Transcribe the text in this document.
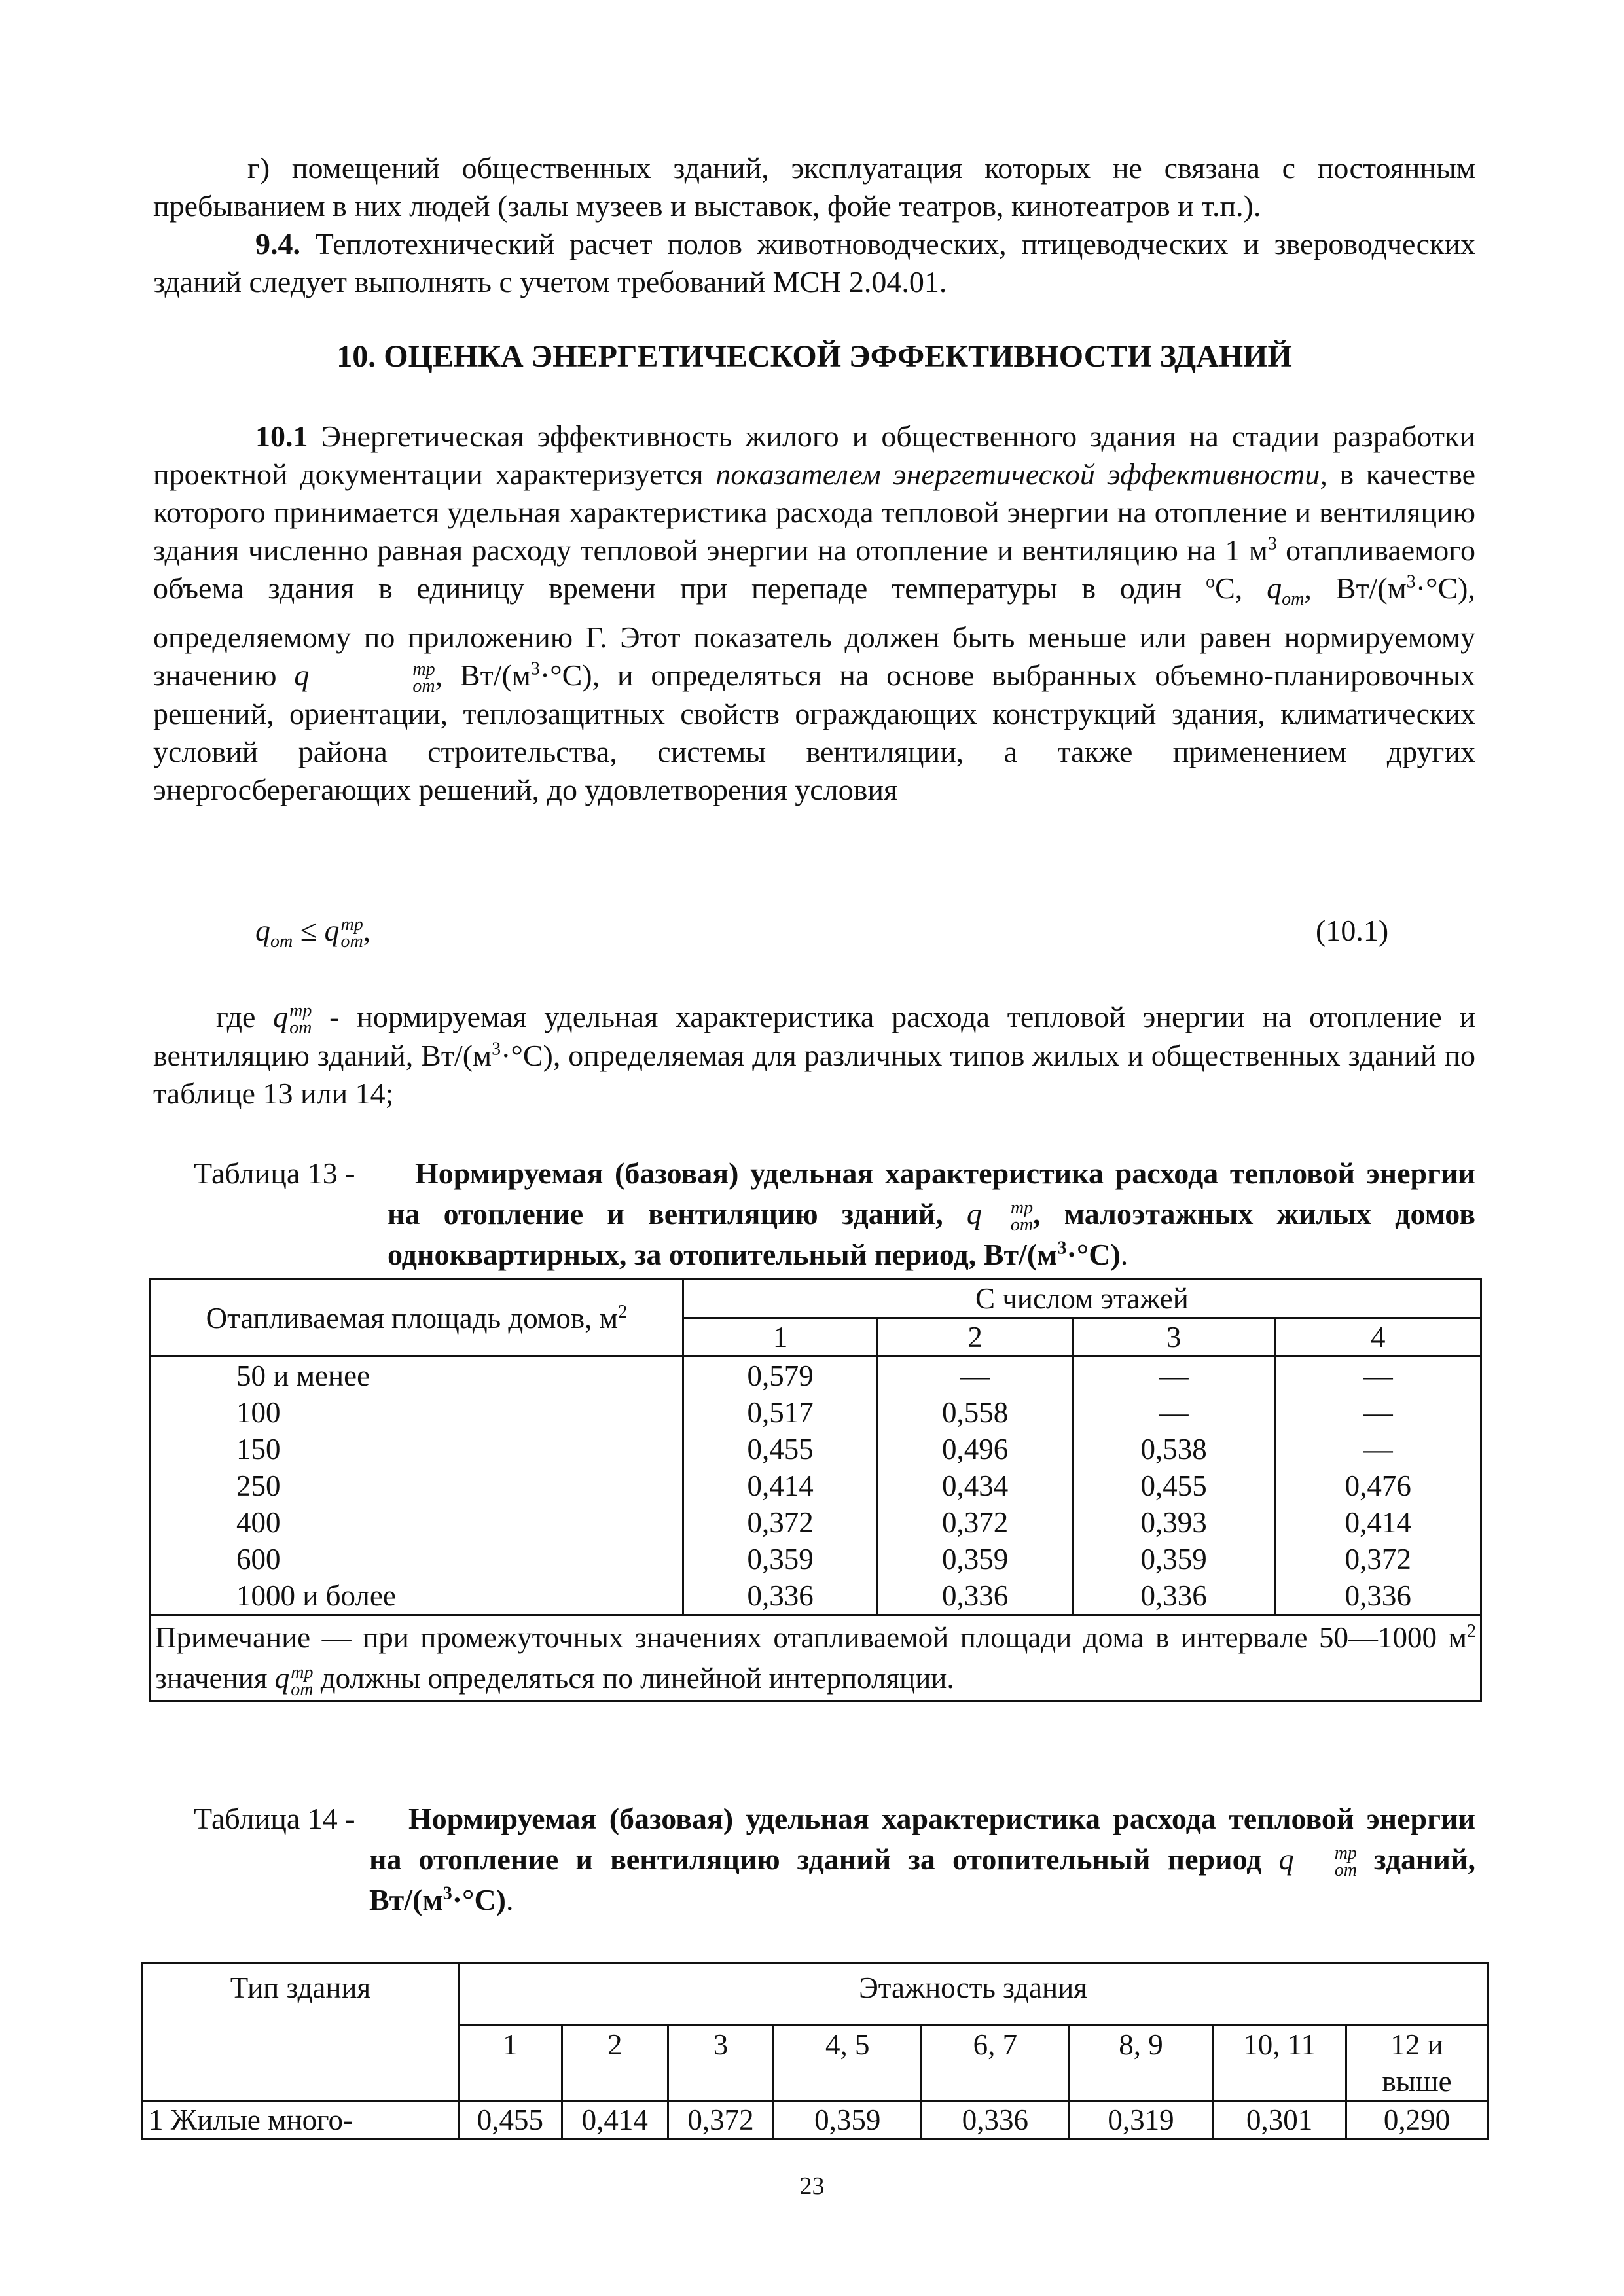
г) помещений общественных зданий, эксплуатация которых не связана с постоянным пребыванием в них людей (залы музеев и выставок, фойе театров, кинотеатров и т.п.).

9.4. Теплотехнический расчет полов животноводческих, птицеводческих и звероводческих зданий следует выполнять с учетом требований МСН 2.04.01.

10. ОЦЕНКА ЭНЕРГЕТИЧЕСКОЙ ЭФФЕКТИВНОСТИ ЗДАНИЙ

10.1 Энергетическая эффективность жилого и общественного здания на стадии разработки проектной документации характеризуется показателем энергетической эффективности, в качестве которого принимается удельная характеристика расхода тепловой энергии на отопление и вентиляцию здания численно равная расходу тепловой энергии на отопление и вентиляцию на 1 $м^3$ отапливаемого объема здания в единицу времени при перепаде температуры в один $^о$С, $q_{от}$, $Вт/(м^3\cdot^\circ С)$, определяемому по приложению Г. Этот показатель должен быть меньше или равен нормируемому значению q	тр
от , $Вт/(м^3\cdot^\circ С)$, и определяться на основе выбранных объемно-планировочных решений, ориентации, теплозащитных свойств ограждающих конструкций здания, климатических условий района строительства, системы вентиляции, а также применением других энергосберегающих решений, до удовлетворения условия

$q_{от} \le q$ тр
от ,	(10.1)

где q тр
от - нормируемая удельная характеристика расхода тепловой энергии на отопление и вентиляцию зданий, $Вт/(м^3\cdot^\circ С)$, определяемая для различных типов жилых и общественных зданий по таблице 13 или 14;

Таблица 13 -	Нормируемая (базовая) удельная характеристика расхода тепловой энергии на отопление и вентиляцию зданий, q	тр
от , малоэтажных жилых домов одноквартирных, за отопительный период, $Вт/(м^3\cdot^\circ С)$.

Отапливаемая площадь домов, $м^2$	С числом этажей			
	1	2	3	4
50 и менее	0,579	—	—	—
100	0,517	0,558	—	—
150	0,455	0,496	0,538	—
250	0,414	0,434	0,455	0,476
400	0,372	0,372	0,393	0,414
600	0,359	0,359	0,359	0,372
1000 и более	0,336	0,336	0,336	0,336
Примечание — при промежуточных значениях отапливаемой площади дома в интервале 50—1000 $м^2$ значения q тр
от должны определяться по линейной интерполяции.				
Таблица 14 -	Нормируемая (базовая) удельная характеристика расхода тепловой энергии на отопление и вентиляцию зданий за отопительный период q	тр
от зданий, $Вт/(м^3\cdot^\circ С)$.

Тип здания	Этажность здания							
	1	2	3	4, 5	6, 7	8, 9	10, 11	12 и выше
1 Жилые много-	0,455	0,414	0,372	0,359	0,336	0,319	0,301	0,290
23
